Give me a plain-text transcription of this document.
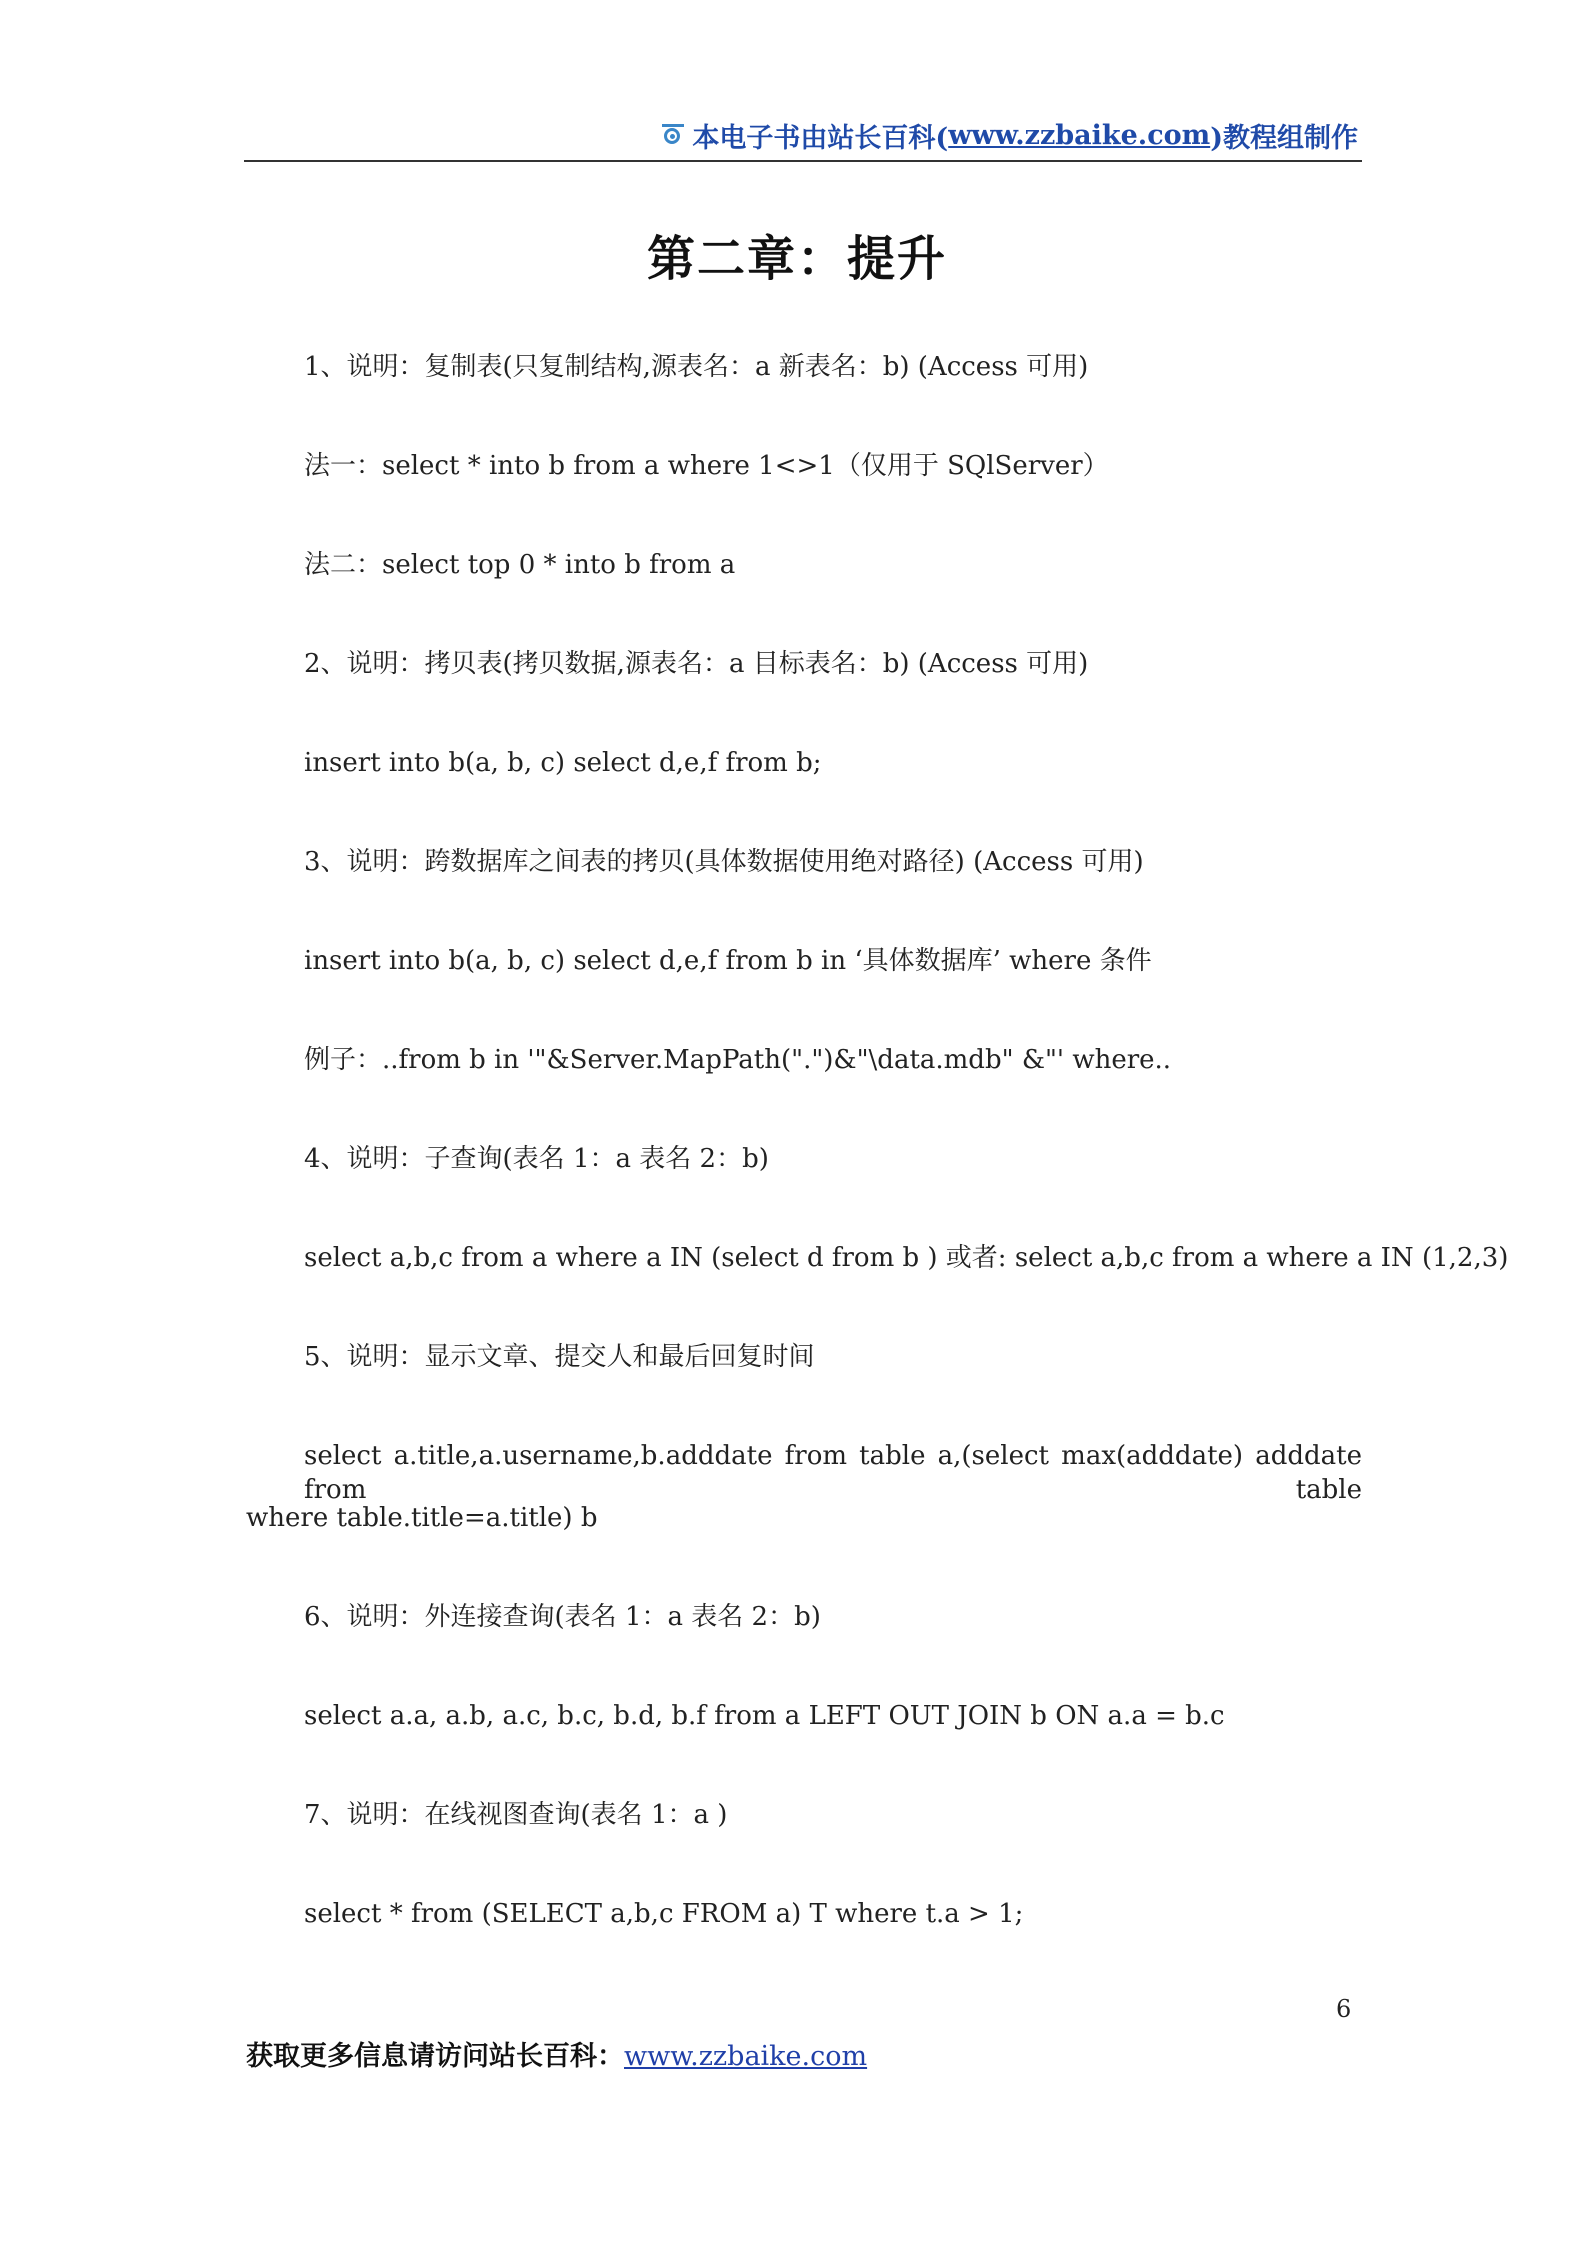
本电子书由站长百科( www.zzbaike.com )教程组制作
第二章：提升
1、说明：复制表(只复制结构,源表名：a 新表名：b) (Access 可用)
法一：select * into b from a where 1<>1（仅用于 SQlServer）
法二：select top 0 * into b from a
2、说明：拷贝表(拷贝数据,源表名：a 目标表名：b) (Access 可用)
insert into b(a, b, c) select d,e,f from b;
3、说明：跨数据库之间表的拷贝(具体数据使用绝对路径) (Access 可用)
insert into b(a, b, c) select d,e,f from b in ‘具体数据库’ where 条件
例子：..from b in '"&Server.MapPath(".")&"\data.mdb" &"' where..
4、说明：子查询(表名 1：a 表名 2：b)
select a,b,c from a where a IN (select d from b ) 或者: select a,b,c from a where a IN (1,2,3)
5、说明：显示文章、提交人和最后回复时间
select a.title,a.username,b.adddate from table a,(select max(adddate) adddate from table
where table.title=a.title) b
6、说明：外连接查询(表名 1：a 表名 2：b)
select a.a, a.b, a.c, b.c, b.d, b.f from a LEFT OUT JOIN b ON a.a = b.c
7、说明：在线视图查询(表名 1：a )
select * from (SELECT a,b,c FROM a) T where t.a > 1;
6
获取更多信息请访问站长百科：www.zzbaike.com
